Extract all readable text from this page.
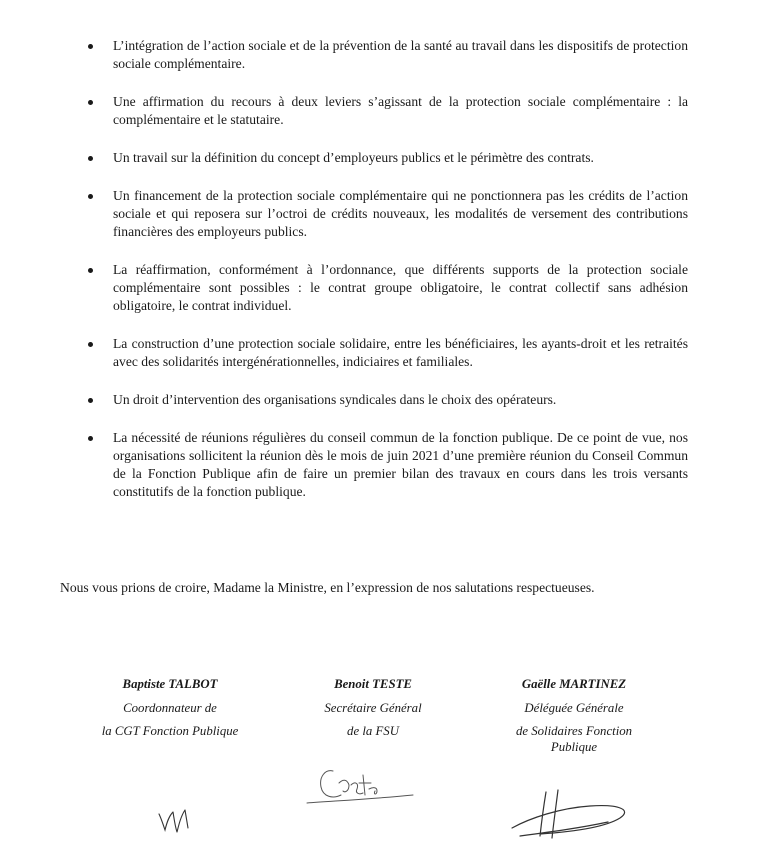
L’intégration de l’action sociale et de la prévention de la santé au travail dans les dispositifs de protection sociale complémentaire.
Une affirmation du recours à deux leviers s’agissant de la protection sociale complémentaire : la complémentaire et le statutaire.
Un travail sur la définition du concept d’employeurs publics et le périmètre des contrats.
Un financement de la protection sociale complémentaire qui ne ponctionnera pas les crédits de l’action sociale et qui reposera sur l’octroi de crédits nouveaux, les modalités de versement des contributions financières des employeurs publics.
La réaffirmation, conformément à l’ordonnance, que différents supports de la protection sociale complémentaire sont possibles : le contrat groupe obligatoire, le contrat collectif sans adhésion obligatoire, le contrat individuel.
La construction d’une protection sociale solidaire, entre les bénéficiaires, les ayants-droit et les retraités avec des solidarités intergénérationnelles, indiciaires et familiales.
Un droit d’intervention des organisations syndicales dans le choix des opérateurs.
La nécessité de réunions régulières du conseil commun de la fonction publique. De ce point de vue, nos organisations sollicitent la réunion dès le mois de juin 2021 d’une première réunion du Conseil Commun de la Fonction Publique afin de faire un premier bilan des travaux en cours dans les trois versants constitutifs de la fonction publique.

Nous vous prions de croire, Madame la Ministre, en l’expression de nos salutations respectueuses.

Baptiste TALBOT
Coordonnateur de
la CGT Fonction Publique
Benoit TESTE
Secrétaire Général
de la FSU
Gaëlle MARTINEZ
Déléguée Générale
de Solidaires Fonction
Publique
